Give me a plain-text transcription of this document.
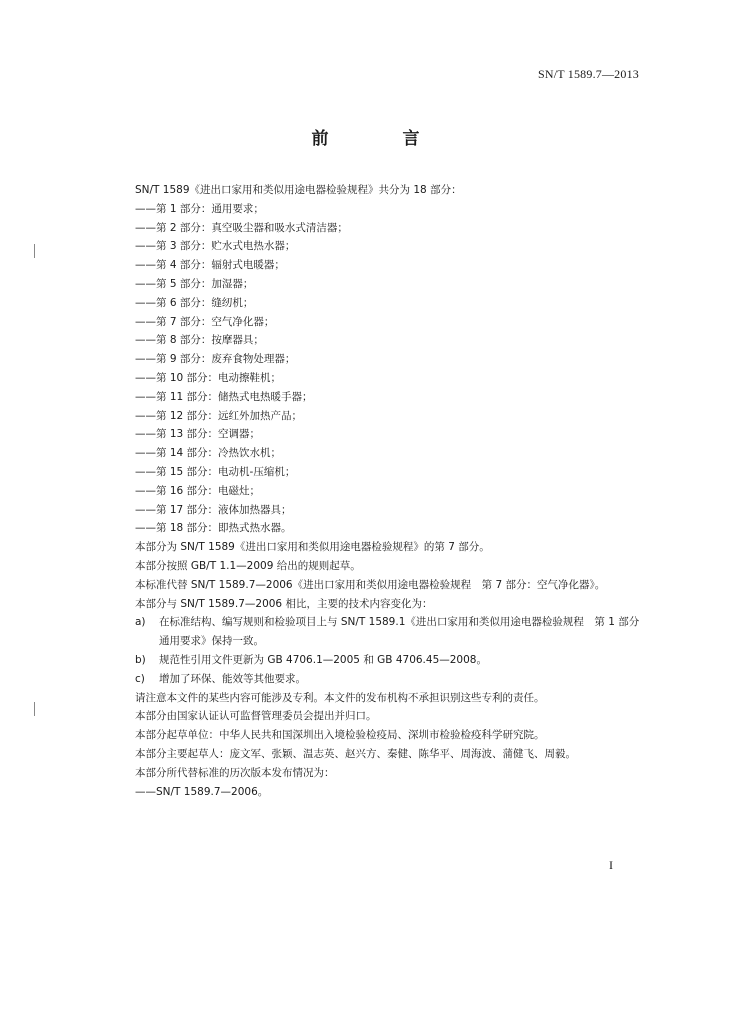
SN/T 1589.7—2013
前 言
SN/T 1589《进出口家用和类似用途电器检验规程》共分为 18 部分：
——第 1 部分：通用要求；
——第 2 部分：真空吸尘器和吸水式清洁器；
——第 3 部分：贮水式电热水器；
——第 4 部分：辐射式电暖器；
——第 5 部分：加湿器；
——第 6 部分：缝纫机；
——第 7 部分：空气净化器；
——第 8 部分：按摩器具；
——第 9 部分：废弃食物处理器；
——第 10 部分：电动擦鞋机；
——第 11 部分：储热式电热暖手器；
——第 12 部分：远红外加热产品；
——第 13 部分：空调器；
——第 14 部分：冷热饮水机；
——第 15 部分：电动机-压缩机；
——第 16 部分：电磁灶；
——第 17 部分：液体加热器具；
——第 18 部分：即热式热水器。
本部分为 SN/T 1589《进出口家用和类似用途电器检验规程》的第 7 部分。
本部分按照 GB/T 1.1—2009 给出的规则起草。
本标准代替 SN/T 1589.7—2006《进出口家用和类似用途电器检验规程　第 7 部分：空气净化器》。
本部分与 SN/T 1589.7—2006 相比，主要的技术内容变化为：
a)	在标准结构、编写规则和检验项目上与 SN/T 1589.1《进出口家用和类似用途电器检验规程　第 1 部分　通用要求》保持一致。
b)	规范性引用文件更新为 GB 4706.1—2005 和 GB 4706.45—2008。
c)	增加了环保、能效等其他要求。
请注意本文件的某些内容可能涉及专利。本文件的发布机构不承担识别这些专利的责任。
本部分由国家认证认可监督管理委员会提出并归口。
本部分起草单位：中华人民共和国深圳出入境检验检疫局、深圳市检验检疫科学研究院。
本部分主要起草人：庞文军、张颖、温志英、赵兴方、秦健、陈华平、周海波、蒲健飞、周毅。
本部分所代替标准的历次版本发布情况为：
——SN/T 1589.7—2006。
I
